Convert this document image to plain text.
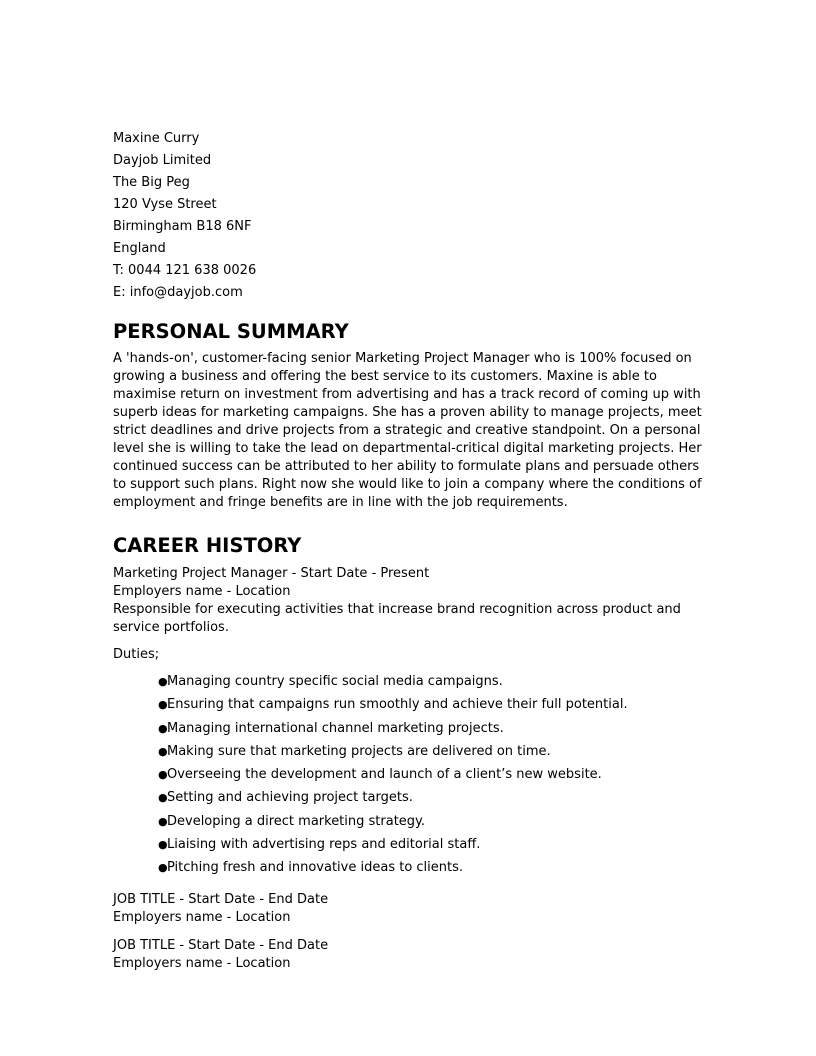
Maxine Curry

Dayjob Limited

The Big Peg

120 Vyse Street

Birmingham B18 6NF

England

T: 0044 121 638 0026

E: info@dayjob.com

PERSONAL SUMMARY

A 'hands-on', customer-facing senior Marketing Project Manager who is 100% focused on growing a business and offering the best service to its customers. Maxine is able to maximise return on investment from advertising and has a track record of coming up with superb ideas for marketing campaigns. She has a proven ability to manage projects, meet strict deadlines and drive projects from a strategic and creative standpoint. On a personal level she is willing to take the lead on departmental-critical digital marketing projects. Her continued success can be attributed to her ability to formulate plans and persuade others to support such plans. Right now she would like to join a company where the conditions of employment and fringe benefits are in line with the job requirements.

CAREER HISTORY

Marketing Project Manager - Start Date - Present

Employers name - Location

Responsible for executing activities that increase brand recognition across product and service portfolios.

Duties;

●Managing country specific social media campaigns.
●Ensuring that campaigns run smoothly and achieve their full potential.
●Managing international channel marketing projects.
●Making sure that marketing projects are delivered on time.
●Overseeing the development and launch of a client’s new website.
●Setting and achieving project targets.
●Developing a direct marketing strategy.
●Liaising with advertising reps and editorial staff.
●Pitching fresh and innovative ideas to clients.

JOB TITLE - Start Date - End Date

Employers name - Location

JOB TITLE - Start Date - End Date

Employers name - Location
